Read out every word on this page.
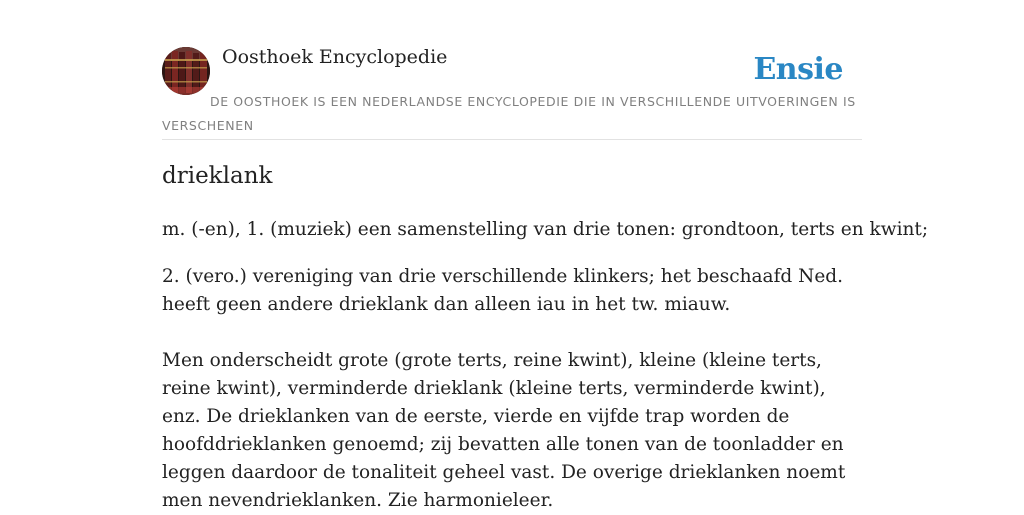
Oosthoek Encyclopedie	Ensie
DE OOSTHOEK IS EEN NEDERLANDSE ENCYCLOPEDIE DIE IN VERSCHILLENDE UITVOERINGEN IS VERSCHENEN
drieklank

m. (-en), 1. (muziek) een samenstelling van drie tonen: grondtoon, terts en kwint;

2. (vero.) vereniging van drie verschillende klinkers; het beschaafd Ned. heeft geen andere drieklank dan alleen iau in het tw. miauw.

Men onderscheidt grote (grote terts, reine kwint), kleine (kleine terts, reine kwint), verminderde drieklank (kleine terts, verminderde kwint), enz. De drieklanken van de eerste, vierde en vijfde trap worden de hoofddrieklanken genoemd; zij bevatten alle tonen van de toonladder en leggen daardoor de tonaliteit geheel vast. De overige drieklanken noemt men nevendrieklanken. Zie harmonieleer.
